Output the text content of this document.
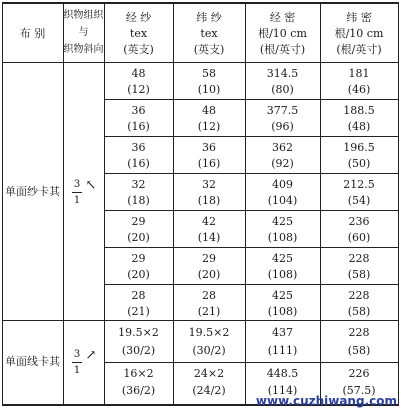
布 别
织物组织
与
织物斜向
经 纱
tex
(英支)
纬 纱
tex
(英支)
经 密
根/10 cm
(根/英寸)
纬 密
根/10 cm
(根/英寸)
单面纱卡其
3
1
↖
单面线卡其
3
1
↗
48
(12)
58
(10)
314.5
(80)
181
(46)
36
(16)
48
(12)
377.5
(96)
188.5
(48)
36
(16)
36
(16)
362
(92)
196.5
(50)
32
(18)
32
(18)
409
(104)
212.5
(54)
29
(20)
42
(14)
425
(108)
236
(60)
29
(20)
29
(20)
425
(108)
228
(58)
28
(21)
28
(21)
425
(108)
228
(58)
19.5×2
(30/2)
19.5×2
(30/2)
437
(111)
228
(58)
16×2
(36/2)
24×2
(24/2)
448.5
(114)
226
(57.5)
www.cuzhiwang.com
